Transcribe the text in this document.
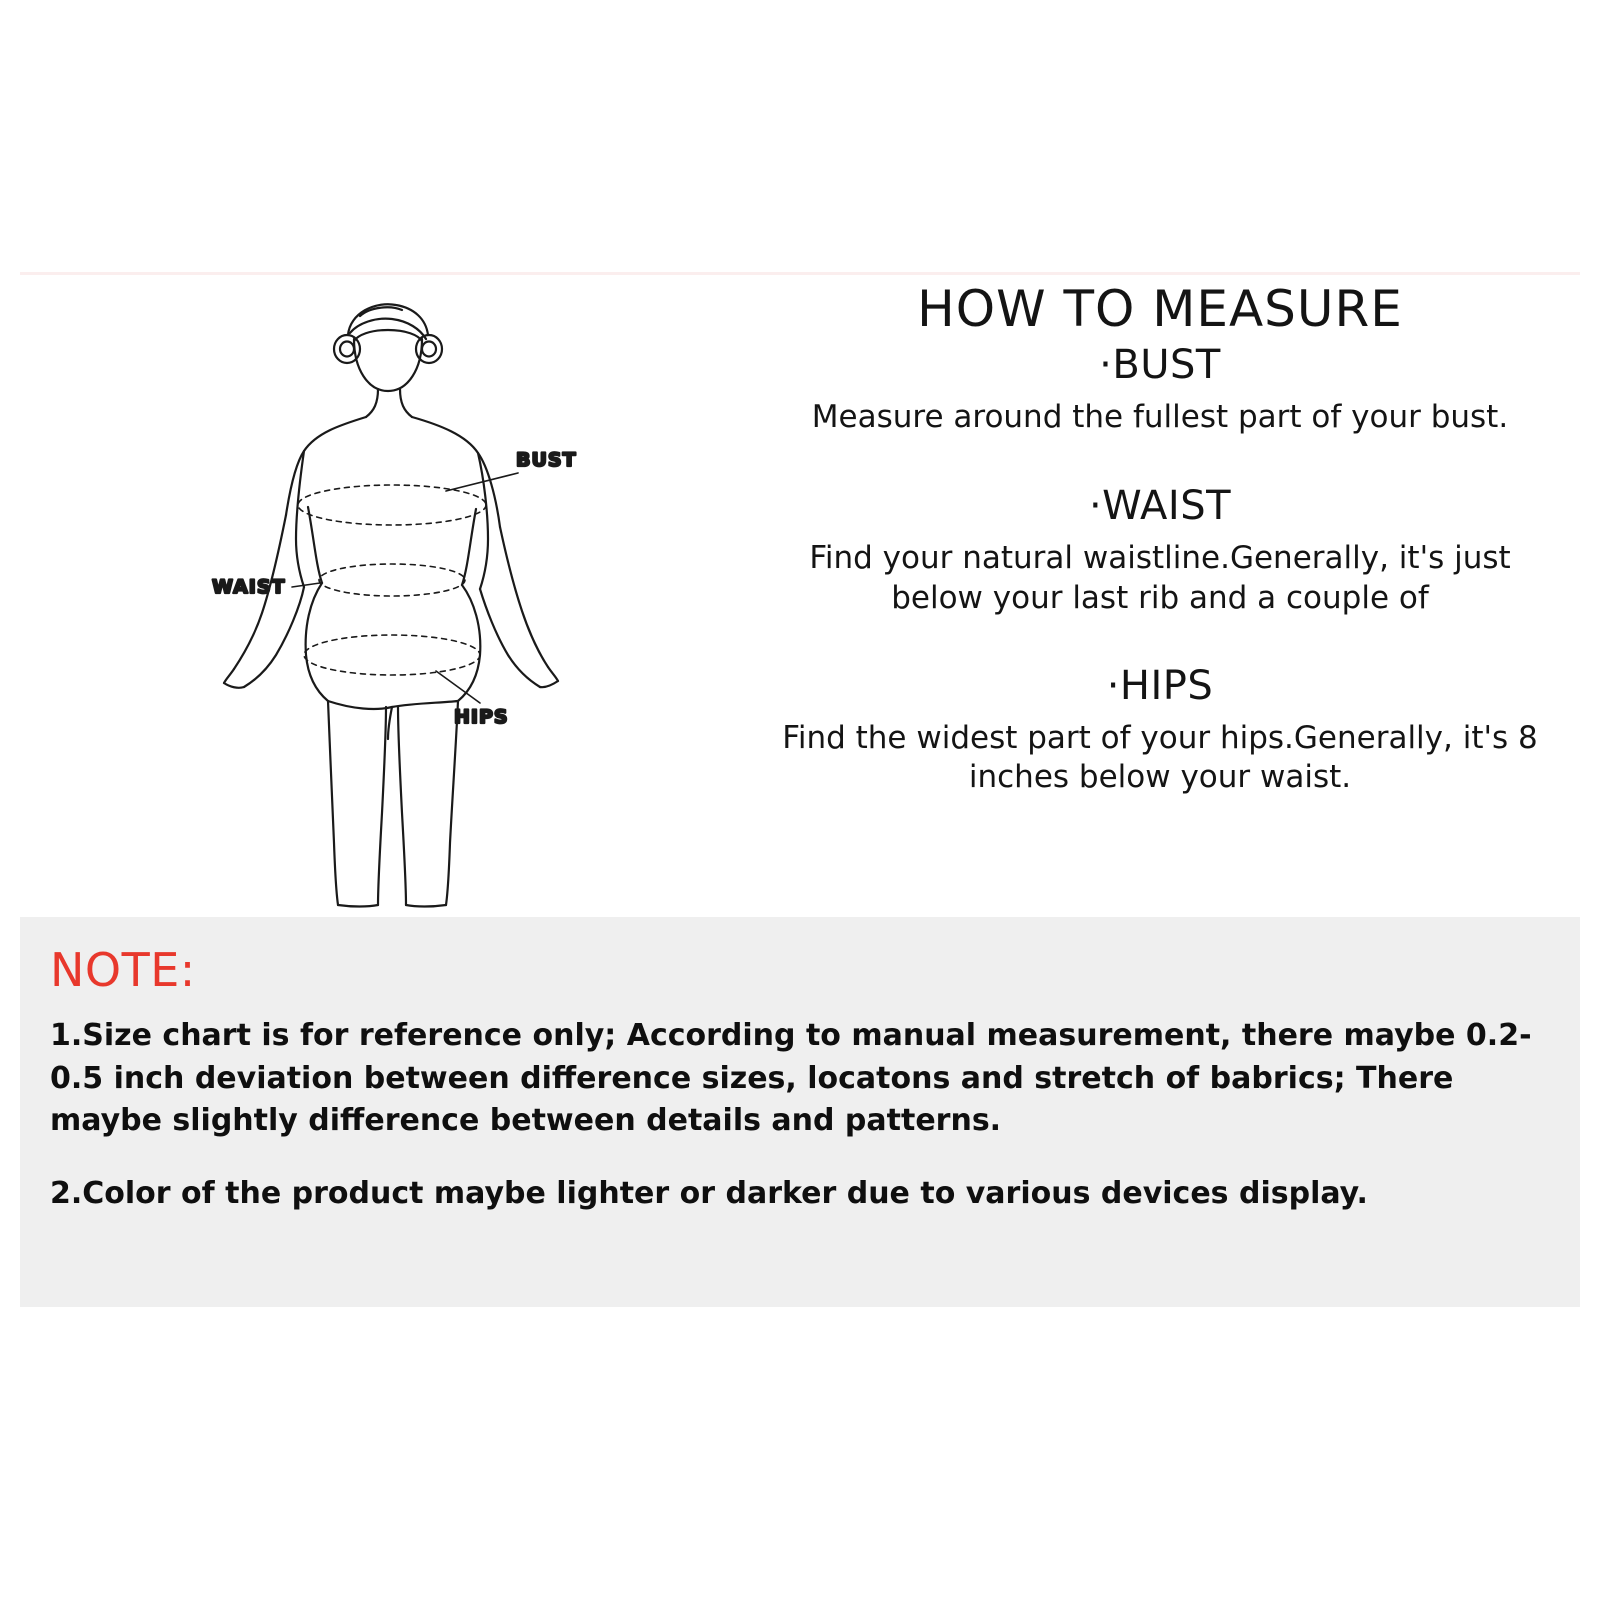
BUST
WAIST
HIPS
HOW TO MEASURE
·BUST
Measure around the fullest part of your bust.
·WAIST
Find your natural waistline.Generally, it's just below your last rib and a couple of
·HIPS
Find the widest part of your hips.Generally, it's 8 inches below your waist.
NOTE:

1.Size chart is for reference only; According to manual measurement, there maybe 0.2-0.5 inch deviation between difference sizes, locatons and stretch of babrics; There maybe slightly difference between details and patterns.

2.Color of the product maybe lighter or darker due to various devices display.
